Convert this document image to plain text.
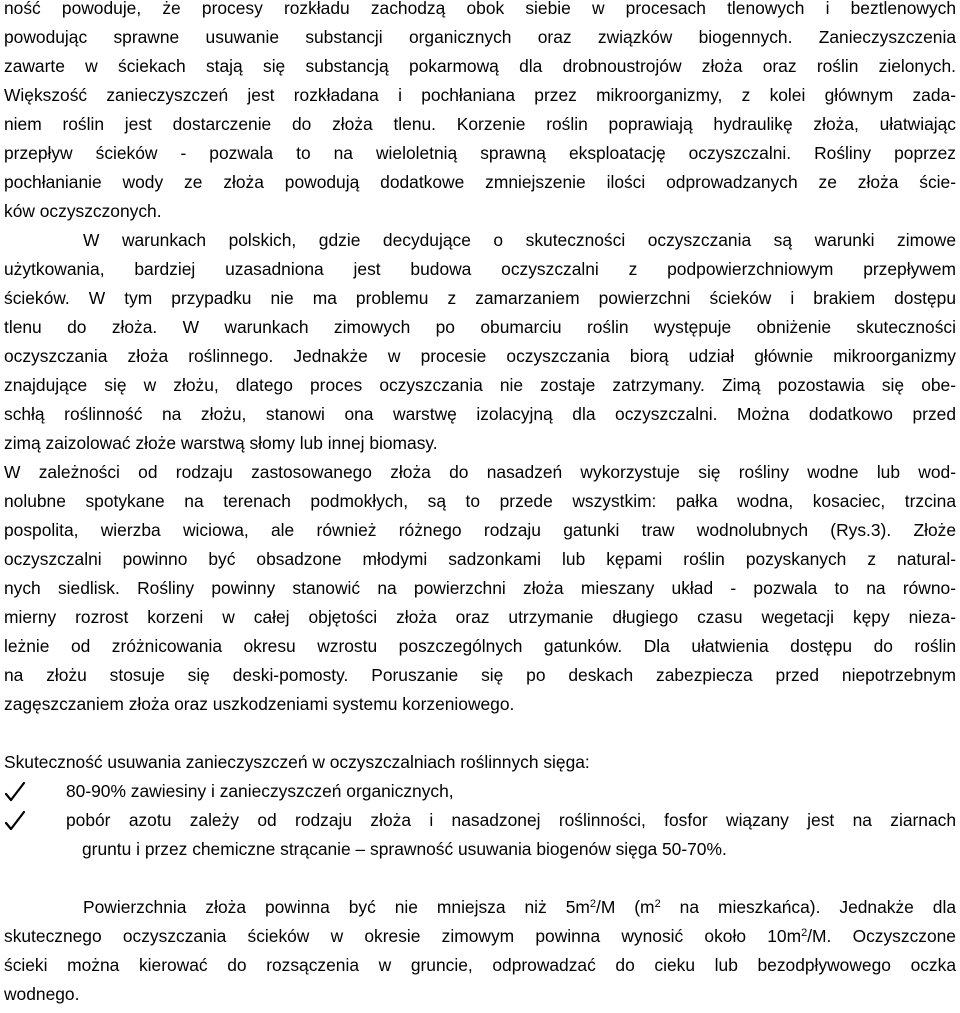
ność powoduje, że procesy rozkładu zachodzą obok siebie w procesach tlenowych i beztlenowych
powodując sprawne usuwanie substancji organicznych oraz związków biogennych. Zanieczyszczenia
zawarte w ściekach stają się substancją pokarmową dla drobnoustrojów złoża oraz roślin zielonych.
Większość zanieczyszczeń jest rozkładana i pochłaniana przez mikroorganizmy, z kolei głównym zada-
niem roślin jest dostarczenie do złoża tlenu. Korzenie roślin poprawiają hydraulikę złoża, ułatwiając
przepływ ścieków - pozwala to na wieloletnią sprawną eksploatację oczyszczalni. Rośliny poprzez
pochłanianie wody ze złoża powodują dodatkowe zmniejszenie ilości odprowadzanych ze złoża ście-
ków oczyszczonych.
W warunkach polskich, gdzie decydujące o skuteczności oczyszczania są warunki zimowe
użytkowania, bardziej uzasadniona jest budowa oczyszczalni z podpowierzchniowym przepływem
ścieków. W tym przypadku nie ma problemu z zamarzaniem powierzchni ścieków i brakiem dostępu
tlenu do złoża. W warunkach zimowych po obumarciu roślin występuje obniżenie skuteczności
oczyszczania złoża roślinnego. Jednakże w procesie oczyszczania biorą udział głównie mikroorganizmy
znajdujące się w złożu, dlatego proces oczyszczania nie zostaje zatrzymany. Zimą pozostawia się obe-
schłą roślinność na złożu, stanowi ona warstwę izolacyjną dla oczyszczalni. Można dodatkowo przed
zimą zaizolować złoże warstwą słomy lub innej biomasy.
W zależności od rodzaju zastosowanego złoża do nasadzeń wykorzystuje się rośliny wodne lub wod-
nolubne spotykane na terenach podmokłych, są to przede wszystkim: pałka wodna, kosaciec, trzcina
pospolita, wierzba wiciowa, ale również różnego rodzaju gatunki traw wodnolubnych (Rys.3). Złoże
oczyszczalni powinno być obsadzone młodymi sadzonkami lub kępami roślin pozyskanych z natural-
nych siedlisk. Rośliny powinny stanowić na powierzchni złoża mieszany układ - pozwala to na równo-
mierny rozrost korzeni w całej objętości złoża oraz utrzymanie długiego czasu wegetacji kępy nieza-
leżnie od zróżnicowania okresu wzrostu poszczególnych gatunków. Dla ułatwienia dostępu do roślin
na złożu stosuje się deski-pomosty. Poruszanie się po deskach zabezpiecza przed niepotrzebnym
zagęszczaniem złoża oraz uszkodzeniami systemu korzeniowego.
Skuteczność usuwania zanieczyszczeń w oczyszczalniach roślinnych sięga:
80-90% zawiesiny i zanieczyszczeń organicznych,
pobór azotu zależy od rodzaju złoża i nasadzonej roślinności, fosfor wiązany jest na ziarnach
gruntu i przez chemiczne strącanie – sprawność usuwania biogenów sięga 50-70%.
Powierzchnia złoża powinna być nie mniejsza niż $5m^2/M$ ($m^2$ na mieszkańca). Jednakże dla
skutecznego oczyszczania ścieków w okresie zimowym powinna wynosić około $10m^2/M$. Oczyszczone
ścieki można kierować do rozsączenia w gruncie, odprowadzać do cieku lub bezodpływowego oczka
wodnego.
